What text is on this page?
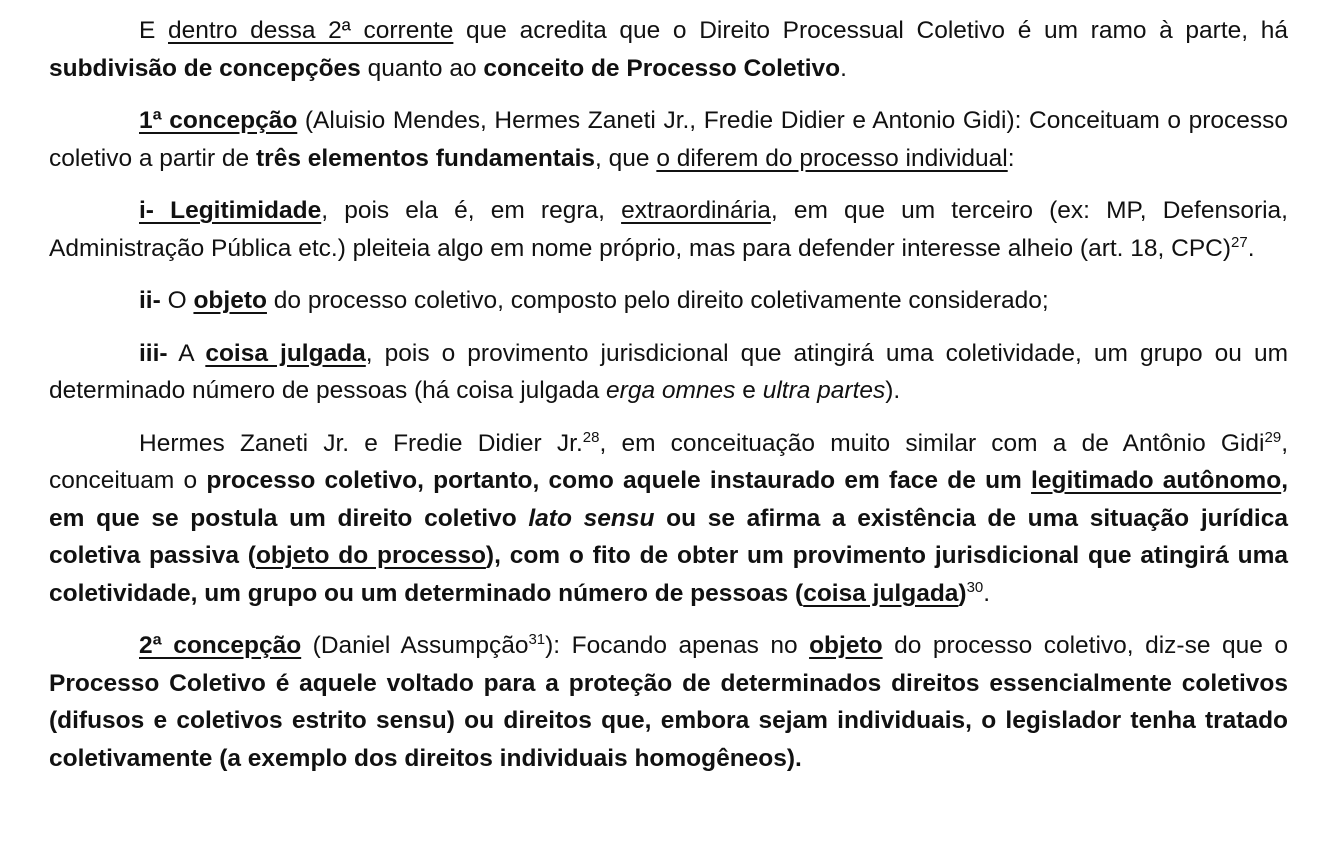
E dentro dessa 2ª corrente que acredita que o Direito Processual Coletivo é um ramo à parte, há subdivisão de concepções quanto ao conceito de Processo Coletivo.

1ª concepção (Aluisio Mendes, Hermes Zaneti Jr., Fredie Didier e Antonio Gidi): Conceituam o processo coletivo a partir de três elementos fundamentais, que o diferem do processo individual:

i- Legitimidade, pois ela é, em regra, extraordinária, em que um terceiro (ex: MP, Defensoria, Administração Pública etc.) pleiteia algo em nome próprio, mas para defender interesse alheio (art. 18, CPC)$^{27}$.

ii- O objeto do processo coletivo, composto pelo direito coletivamente considerado;

iii- A coisa julgada, pois o provimento jurisdicional que atingirá uma coletividade, um grupo ou um determinado número de pessoas (há coisa julgada erga omnes e ultra partes).

Hermes Zaneti Jr. e Fredie Didier Jr.$^{28}$, em conceituação muito similar com a de Antônio Gidi$^{29}$, conceituam o processo coletivo, portanto, como aquele instaurado em face de um legitimado autônomo, em que se postula um direito coletivo lato sensu ou se afirma a existência de uma situação jurídica coletiva passiva (objeto do processo), com o fito de obter um provimento jurisdicional que atingirá uma coletividade, um grupo ou um determinado número de pessoas (coisa julgada)$^{30}$.

2ª concepção (Daniel Assumpção$^{31}$): Focando apenas no objeto do processo coletivo, diz-se que o Processo Coletivo é aquele voltado para a proteção de determinados direitos essencialmente coletivos (difusos e coletivos estrito sensu) ou direitos que, embora sejam individuais, o legislador tenha tratado coletivamente (a exemplo dos direitos individuais homogêneos).
